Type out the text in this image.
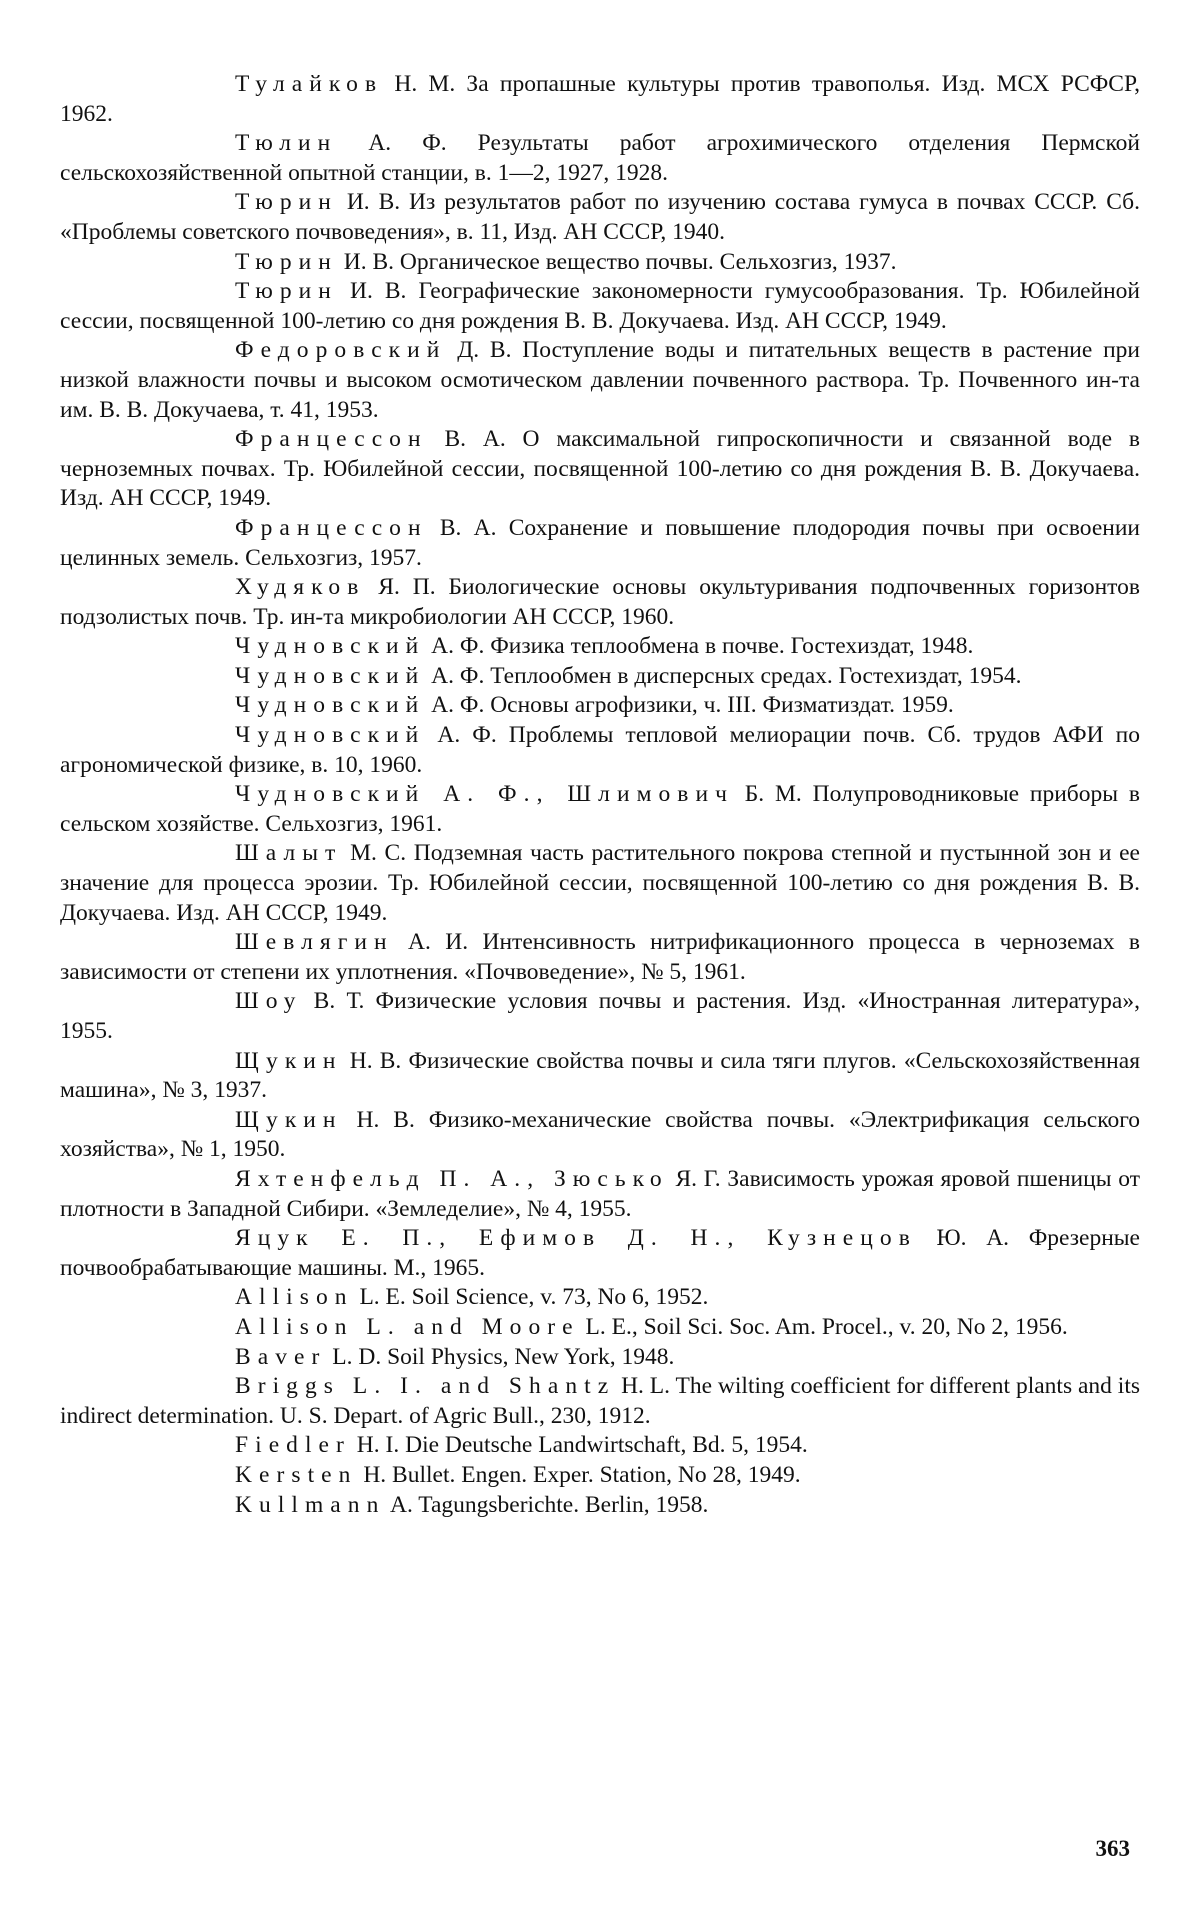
Тулайков Н. М. За пропашные культуры против травополья. Изд. МСХ РСФСР, 1962.
Тюлин А. Ф. Результаты работ агрохимического отделения Пермской сельскохозяйственной опытной станции, в. 1—2, 1927, 1928.
Тюрин И. В. Из результатов работ по изучению состава гумуса в почвах СССР. Сб. «Проблемы советского почвоведения», в. 11, Изд. АН СССР, 1940.
Тюрин И. В. Органическое вещество почвы. Сельхозгиз, 1937.
Тюрин И. В. Географические закономерности гумусообразования. Тр. Юбилейной сессии, посвященной 100-летию со дня рождения В. В. Докучаева. Изд. АН СССР, 1949.
Федоровский Д. В. Поступление воды и питательных веществ в растение при низкой влажности почвы и высоком осмотическом давлении почвенного раствора. Тр. Почвенного ин-та им. В. В. Докучаева, т. 41, 1953.
Францессон В. А. О максимальной гипроскопичности и связанной воде в черноземных почвах. Тр. Юбилейной сессии, посвященной 100-летию со дня рождения В. В. Докучаева. Изд. АН СССР, 1949.
Францессон В. А. Сохранение и повышение плодородия почвы при освоении целинных земель. Сельхозгиз, 1957.
Худяков Я. П. Биологические основы окультуривания подпочвенных горизонтов подзолистых почв. Тр. ин-та микробиологии АН СССР, 1960.
Чудновский А. Ф. Физика теплообмена в почве. Гостехиздат, 1948.
Чудновский А. Ф. Теплообмен в дисперсных средах. Гостехиздат, 1954.
Чудновский А. Ф. Основы агрофизики, ч. III. Физматиздат. 1959.
Чудновский А. Ф. Проблемы тепловой мелиорации почв. Сб. трудов АФИ по агрономической физике, в. 10, 1960.
Чудновский А. Ф., Шлимович Б. М. Полупроводниковые приборы в сельском хозяйстве. Сельхозгиз, 1961.
Шалыт М. С. Подземная часть растительного покрова степной и пустынной зон и ее значение для процесса эрозии. Тр. Юбилейной сессии, посвященной 100-летию со дня рождения В. В. Докучаева. Изд. АН СССР, 1949.
Шевлягин А. И. Интенсивность нитрификационного процесса в черноземах в зависимости от степени их уплотнения. «Почвоведение», № 5, 1961.
Шоу В. Т. Физические условия почвы и растения. Изд. «Иностранная литература», 1955.
Щукин Н. В. Физические свойства почвы и сила тяги плугов. «Сельскохозяйственная машина», № 3, 1937.
Щукин Н. В. Физико-механические свойства почвы. «Электрификация сельского хозяйства», № 1, 1950.
Яхтенфельд П. А., Зюсько Я. Г. Зависимость урожая яровой пшеницы от плотности в Западной Сибири. «Земледелие», № 4, 1955.
Яцук Е. П., Ефимов Д. Н., Кузнецов Ю. А. Фрезерные почвообрабатывающие машины. М., 1965.
Allison L. E. Soil Science, v. 73, No 6, 1952.
Allison L. and Moore L. E., Soil Sci. Soc. Am. Procel., v. 20, No 2, 1956.
Baver L. D. Soil Physics, New York, 1948.
Briggs L. I. and Shantz H. L. The wilting coefficient for different plants and its indirect determination. U. S. Depart. of Agric Bull., 230, 1912.
Fiedler H. I. Die Deutsche Landwirtschaft, Bd. 5, 1954.
Kersten H. Bullet. Engen. Exper. Station, No 28, 1949.
Kullmann A. Tagungsberichte. Berlin, 1958.
363
